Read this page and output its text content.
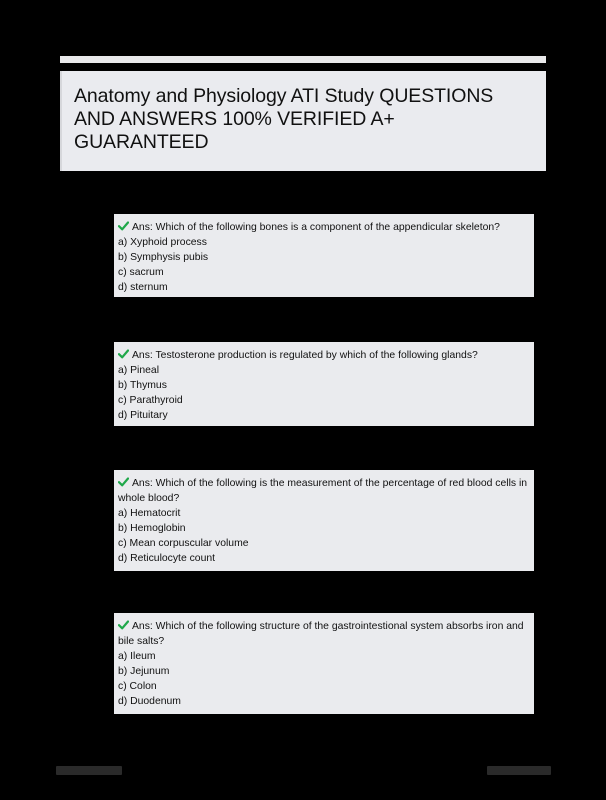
Anatomy and Physiology ATI Study QUESTIONS AND ANSWERS 100% VERIFIED A+ GUARANTEED

Ans: Which of the following bones is a component of the appendicular skeleton?

a) Xyphoid process

b) Symphysis pubis

c) sacrum

d) sternum

Ans: Testosterone production is regulated by which of the following glands?

a) Pineal

b) Thymus

c) Parathyroid

d) Pituitary

Ans: Which of the following is the measurement of the percentage of red blood cells in whole blood?

a) Hematocrit

b) Hemoglobin

c) Mean corpuscular volume

d) Reticulocyte count

Ans: Which of the following structure of the gastrointestional system absorbs iron and bile salts?

a) Ileum

b) Jejunum

c) Colon

d) Duodenum
